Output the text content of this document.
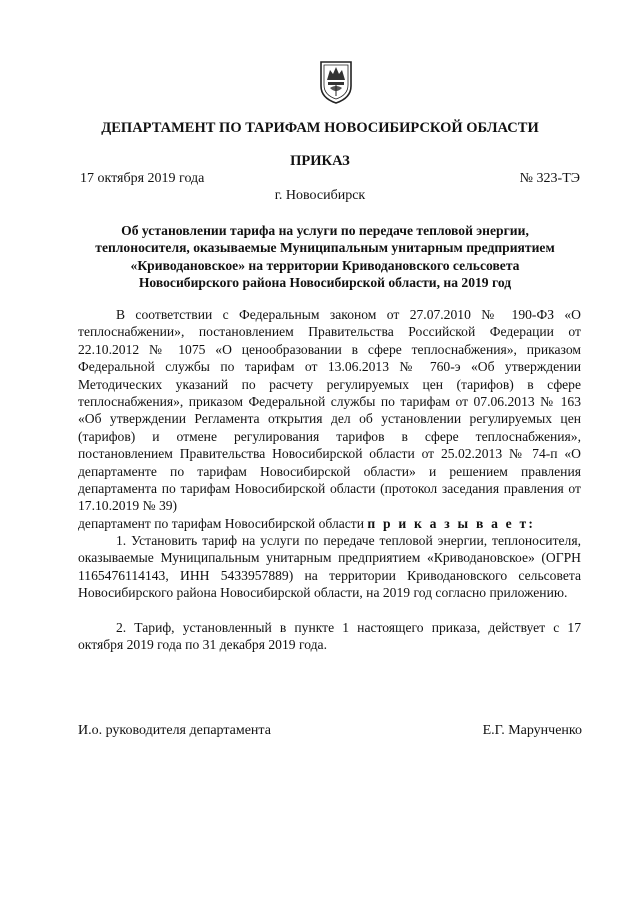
ДЕПАРТАМЕНТ ПО ТАРИФАМ НОВОСИБИРСКОЙ ОБЛАСТИ
ПРИКАЗ
17 октября 2019 года	№ 323-ТЭ
г. Новосибирск
Об установлении тарифа на услуги по передаче тепловой энергии, теплоносителя, оказываемые Муниципальным унитарным предприятием «Криводановское» на территории Криводановского сельсовета Новосибирского района Новосибирской области, на 2019 год

В соответствии с Федеральным законом от 27.07.2010 № 190-ФЗ «О теплоснабжении», постановлением Правительства Российской Федерации от 22.10.2012 № 1075 «О ценообразовании в сфере теплоснабжения», приказом Федеральной службы по тарифам от 13.06.2013 № 760-э «Об утверждении Методических указаний по расчету регулируемых цен (тарифов) в сфере теплоснабжения», приказом Федеральной службы по тарифам от 07.06.2013 № 163 «Об утверждении Регламента открытия дел об установлении регулируемых цен (тарифов) и отмене регулирования тарифов в сфере теплоснабжения», постановлением Правительства Новосибирской области от 25.02.2013 № 74-п «О департаменте по тарифам Новосибирской области» и решением правления департамента по тарифам Новосибирской области (протокол заседания правления от 17.10.2019 № 39)

департамент по тарифам Новосибирской области п р и к а з ы в а е т:

1. Установить тариф на услуги по передаче тепловой энергии, теплоносителя, оказываемые Муниципальным унитарным предприятием «Криводановское» (ОГРН 1165476114143, ИНН 5433957889) на территории Криводановского сельсовета Новосибирского района Новосибирской области, на 2019 год согласно приложению.

2. Тариф, установленный в пункте 1 настоящего приказа, действует с 17 октября 2019 года по 31 декабря 2019 года.

И.о. руководителя департамента	Е.Г. Марунченко
